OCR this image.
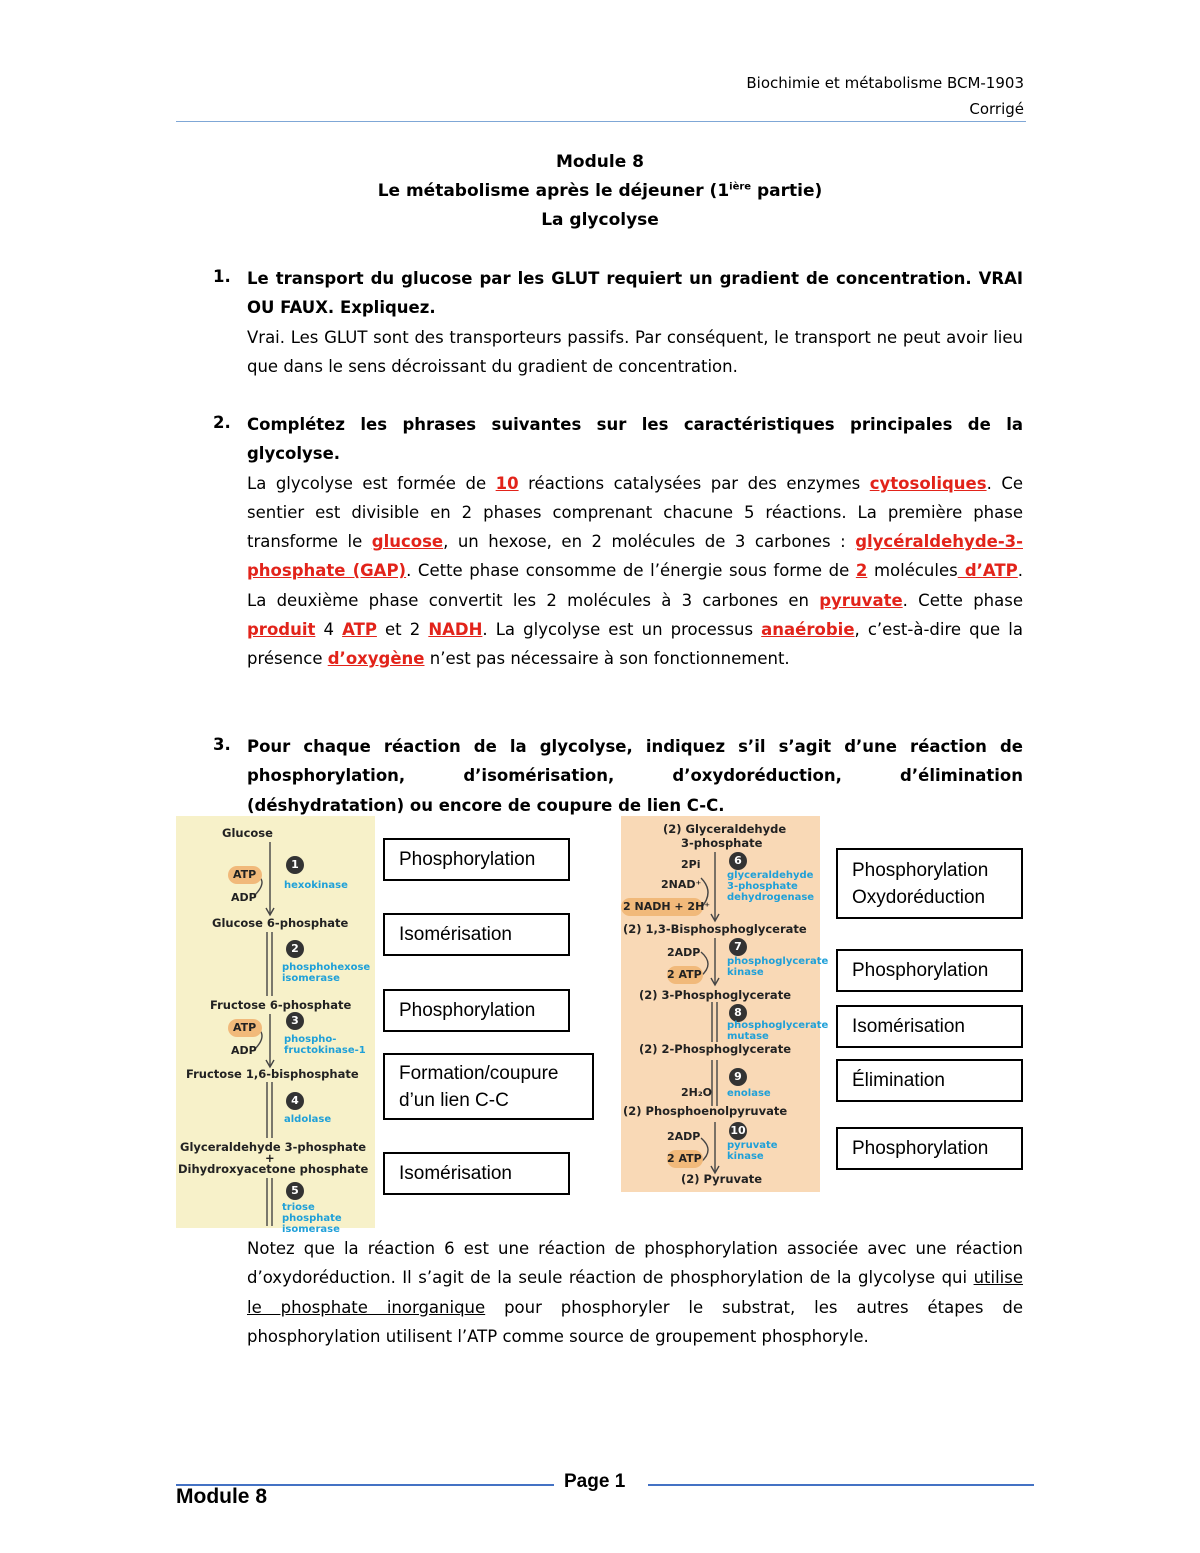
Biochimie et métabolisme BCM-1903
Corrigé
Module 8
Le métabolisme après le déjeuner ($1^{ière}$ partie)
La glycolyse
1. Le transport du glucose par les GLUT requiert un gradient de concentration. VRAI OU FAUX. Expliquez.
Vrai. Les GLUT sont des transporteurs passifs. Par conséquent, le transport ne peut avoir lieu que dans le sens décroissant du gradient de concentration.
2. Complétez les phrases suivantes sur les caractéristiques principales de la glycolyse.
La glycolyse est formée de 10 réactions catalysées par des enzymes cytosoliques. Ce sentier est divisible en 2 phases comprenant chacune 5 réactions. La première phase transforme le glucose, un hexose, en 2 molécules de 3 carbones : glycéraldehyde-3-phosphate (GAP). Cette phase consomme de l’énergie sous forme de 2 molécules d’ATP. La deuxième phase convertit les 2 molécules à 3 carbones en pyruvate. Cette phase produit 4 ATP et 2 NADH. La glycolyse est un processus anaérobie, c’est-à-dire que la présence d’oxygène n’est pas nécessaire à son fonctionnement.
3. Pour chaque réaction de la glycolyse, indiquez s’il s’agit d’une réaction de phosphorylation, d’isomérisation, d’oxydoréduction, d’élimination (déshydratation) ou encore de coupure de lien C-C.
Glucose
ATP
ADP
1
hexokinase
Glucose 6-phosphate
2
phosphohexose
isomerase
Fructose 6-phosphate
ATP
ADP
3
phospho-
fructokinase-1
Fructose 1,6-bisphosphate
4
aldolase
Glyceraldehyde 3-phosphate
+
Dihydroxyacetone phosphate
5
triose phosphate
isomerase
Phosphorylation
Isomérisation
Phosphorylation
Formation/coupure
d’un lien C-C
Isomérisation
(2) Glyceraldehyde
3-phosphate
6
glyceraldehyde
3-phosphate
dehydrogenase
2Pi
2NAD⁺
2 NADH + 2H⁺
(2) 1,3-Bisphosphoglycerate
7
phosphoglycerate
kinase
2ADP
2 ATP
(2) 3-Phosphoglycerate
8
phosphoglycerate
mutase
(2) 2-Phosphoglycerate
9
enolase
2H₂O
(2) Phosphoenolpyruvate
10
pyruvate
kinase
2ADP
2 ATP
(2) Pyruvate
Phosphorylation
Oxydoréduction
Phosphorylation
Isomérisation
Élimination
Phosphorylation
Notez que la réaction 6 est une réaction de phosphorylation associée avec une réaction d’oxydoréduction. Il s’agit de la seule réaction de phosphorylation de la glycolyse qui utilise le phosphate inorganique pour phosphoryler le substrat, les autres étapes de phosphorylation utilisent l’ATP comme source de groupement phosphoryle.
Page 1
Module 8
